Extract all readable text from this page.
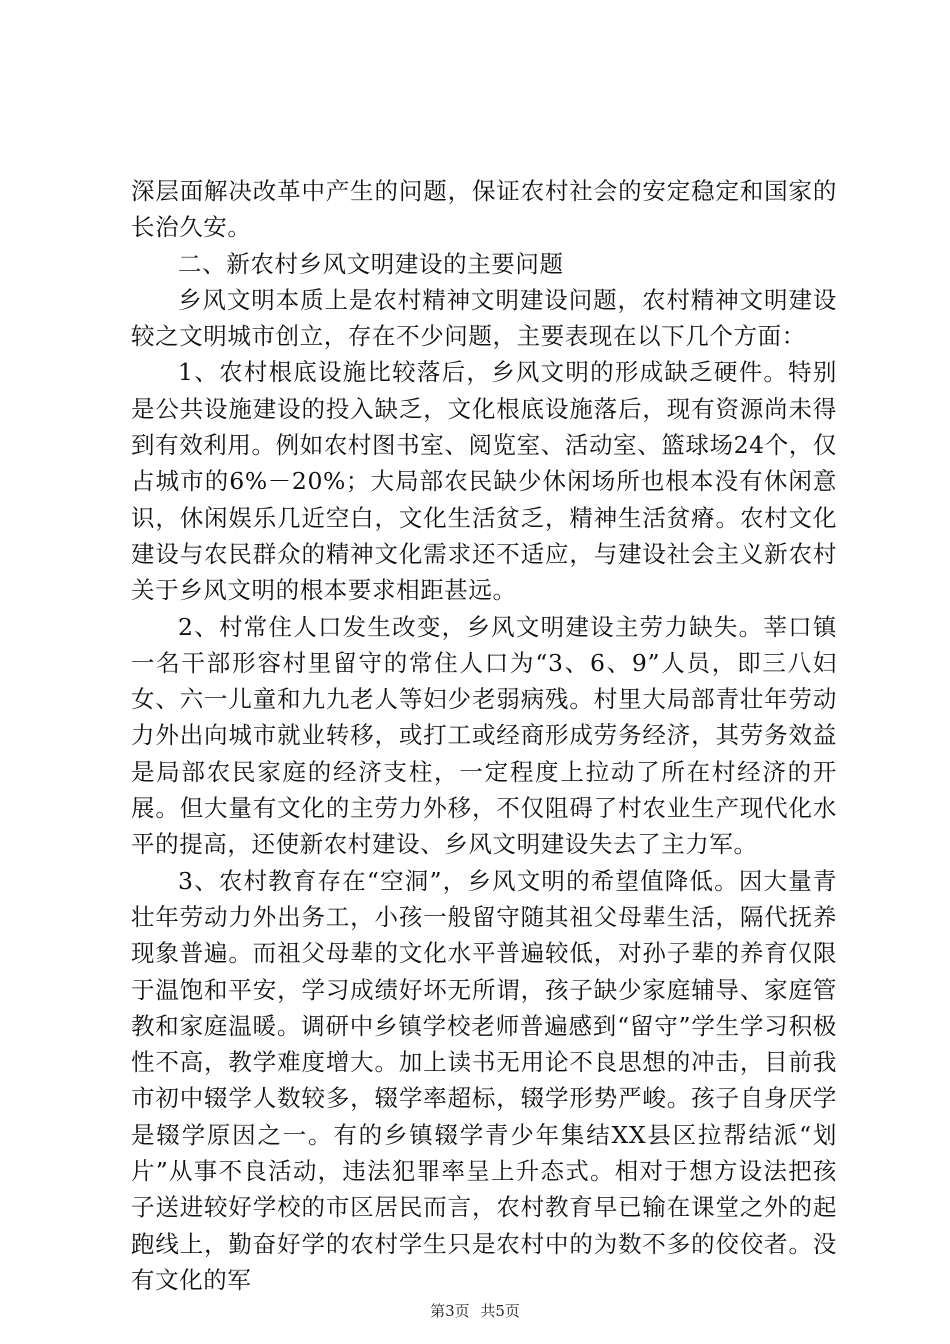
深层面解决改革中产生的问题，保证农村社会的安定稳定和国家的长治久安。

二、新农村乡风文明建设的主要问题

乡风文明本质上是农村精神文明建设问题，农村精神文明建设较之文明城市创立，存在不少问题，主要表现在以下几个方面：

1、农村根底设施比较落后，乡风文明的形成缺乏硬件。特别是公共设施建设的投入缺乏，文化根底设施落后，现有资源尚未得到有效利用。例如农村图书室、阅览室、活动室、篮球场24个，仅占城市的6%－20%；大局部农民缺少休闲场所也根本没有休闲意识，休闲娱乐几近空白，文化生活贫乏，精神生活贫瘠。农村文化建设与农民群众的精神文化需求还不适应，与建设社会主义新农村关于乡风文明的根本要求相距甚远。

2、村常住人口发生改变，乡风文明建设主劳力缺失。莘口镇一名干部形容村里留守的常住人口为“3、6、9”人员，即三八妇女、六一儿童和九九老人等妇少老弱病残。村里大局部青壮年劳动力外出向城市就业转移，或打工或经商形成劳务经济，其劳务效益是局部农民家庭的经济支柱，一定程度上拉动了所在村经济的开展。但大量有文化的主劳力外移，不仅阻碍了村农业生产现代化水平的提高，还使新农村建设、乡风文明建设失去了主力军。

3、农村教育存在“空洞”，乡风文明的希望值降低。因大量青壮年劳动力外出务工，小孩一般留守随其祖父母辈生活，隔代抚养现象普遍。而祖父母辈的文化水平普遍较低，对孙子辈的养育仅限于温饱和平安，学习成绩好坏无所谓，孩子缺少家庭辅导、家庭管教和家庭温暖。调研中乡镇学校老师普遍感到“留守”学生学习积极性不高，教学难度增大。加上读书无用论不良思想的冲击，目前我市初中辍学人数较多，辍学率超标，辍学形势严峻。孩子自身厌学是辍学原因之一。有的乡镇辍学青少年集结XX县区拉帮结派“划片”从事不良活动，违法犯罪率呈上升态式。相对于想方设法把孩子送进较好学校的市区居民而言，农村教育早已输在课堂之外的起跑线上，勤奋好学的农村学生只是农村中的为数不多的佼佼者。没有文化的军

第3页 共5页
